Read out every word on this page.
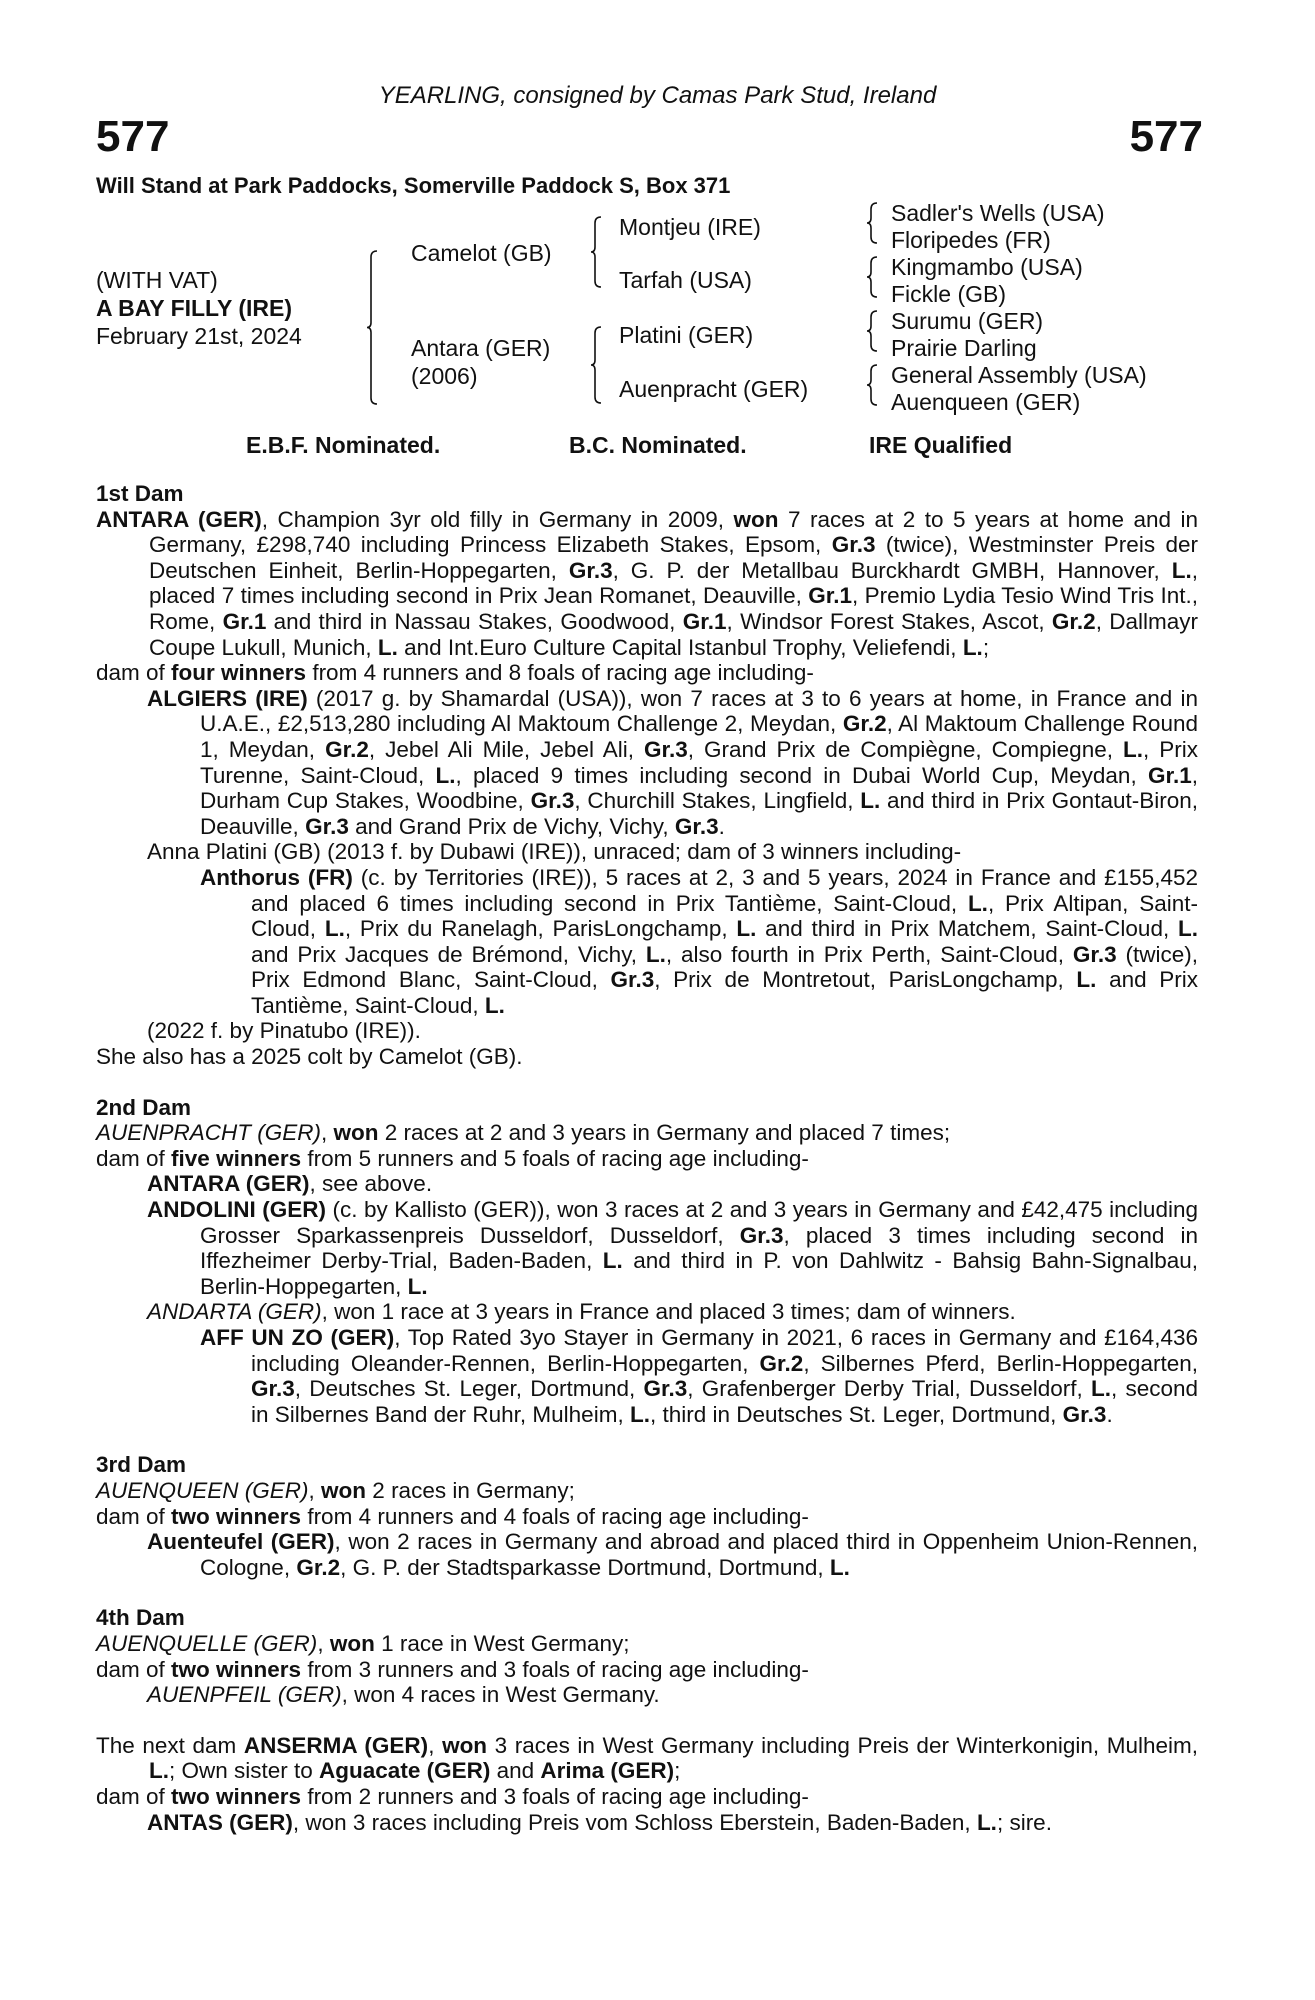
YEARLING, consigned by Camas Park Stud, Ireland
577	577
Will Stand at Park Paddocks, Somerville Paddock S, Box 371
(WITH VAT)
A BAY FILLY (IRE)
February 21st, 2024
Camelot (GB)
Antara (GER)
(2006)
Montjeu (IRE)
Tarfah (USA)
Platini (GER)
Auenpracht (GER)
Sadler's Wells (USA)
Floripedes (FR)
Kingmambo (USA)
Fickle (GB)
Surumu (GER)
Prairie Darling
General Assembly (USA)
Auenqueen (GER)
E.B.F. Nominated.	B.C. Nominated.	IRE Qualified
1st Dam
ANTARA (GER), Champion 3yr old filly in Germany in 2009, won 7 races at 2 to 5 years at home and in Germany, £298,740 including Princess Elizabeth Stakes, Epsom, Gr.3 (twice), Westminster Preis der Deutschen Einheit, Berlin-Hoppegarten, Gr.3, G. P. der Metallbau Burckhardt GMBH, Hannover, L., placed 7 times including second in Prix Jean Romanet, Deauville, Gr.1, Premio Lydia Tesio Wind Tris Int., Rome, Gr.1 and third in Nassau Stakes, Goodwood, Gr.1, Windsor Forest Stakes, Ascot, Gr.2, Dallmayr Coupe Lukull, Munich, L. and Int.Euro Culture Capital Istanbul Trophy, Veliefendi, L.;
dam of four winners from 4 runners and 8 foals of racing age including-
ALGIERS (IRE) (2017 g. by Shamardal (USA)), won 7 races at 3 to 6 years at home, in France and in U.A.E., £2,513,280 including Al Maktoum Challenge 2, Meydan, Gr.2, Al Maktoum Challenge Round 1, Meydan, Gr.2, Jebel Ali Mile, Jebel Ali, Gr.3, Grand Prix de Compiègne, Compiegne, L., Prix Turenne, Saint-Cloud, L., placed 9 times including second in Dubai World Cup, Meydan, Gr.1, Durham Cup Stakes, Woodbine, Gr.3, Churchill Stakes, Lingfield, L. and third in Prix Gontaut-Biron, Deauville, Gr.3 and Grand Prix de Vichy, Vichy, Gr.3.
Anna Platini (GB) (2013 f. by Dubawi (IRE)), unraced; dam of 3 winners including-
Anthorus (FR) (c. by Territories (IRE)), 5 races at 2, 3 and 5 years, 2024 in France and £155,452 and placed 6 times including second in Prix Tantième, Saint-Cloud, L., Prix Altipan, Saint-Cloud, L., Prix du Ranelagh, ParisLongchamp, L. and third in Prix Matchem, Saint-Cloud, L. and Prix Jacques de Brémond, Vichy, L., also fourth in Prix Perth, Saint-Cloud, Gr.3 (twice), Prix Edmond Blanc, Saint-Cloud, Gr.3, Prix de Montretout, ParisLongchamp, L. and Prix Tantième, Saint-Cloud, L.
(2022 f. by Pinatubo (IRE)).
She also has a 2025 colt by Camelot (GB).
2nd Dam
AUENPRACHT (GER), won 2 races at 2 and 3 years in Germany and placed 7 times;
dam of five winners from 5 runners and 5 foals of racing age including-
ANTARA (GER), see above.
ANDOLINI (GER) (c. by Kallisto (GER)), won 3 races at 2 and 3 years in Germany and £42,475 including Grosser Sparkassenpreis Dusseldorf, Dusseldorf, Gr.3, placed 3 times including second in Iffezheimer Derby-Trial, Baden-Baden, L. and third in P. von Dahlwitz - Bahsig Bahn-Signalbau, Berlin-Hoppegarten, L.
ANDARTA (GER), won 1 race at 3 years in France and placed 3 times; dam of winners.
AFF UN ZO (GER), Top Rated 3yo Stayer in Germany in 2021, 6 races in Germany and £164,436 including Oleander-Rennen, Berlin-Hoppegarten, Gr.2, Silbernes Pferd, Berlin-Hoppegarten, Gr.3, Deutsches St. Leger, Dortmund, Gr.3, Grafenberger Derby Trial, Dusseldorf, L., second in Silbernes Band der Ruhr, Mulheim, L., third in Deutsches St. Leger, Dortmund, Gr.3.
3rd Dam
AUENQUEEN (GER), won 2 races in Germany;
dam of two winners from 4 runners and 4 foals of racing age including-
Auenteufel (GER), won 2 races in Germany and abroad and placed third in Oppenheim Union-Rennen, Cologne, Gr.2, G. P. der Stadtsparkasse Dortmund, Dortmund, L.
4th Dam
AUENQUELLE (GER), won 1 race in West Germany;
dam of two winners from 3 runners and 3 foals of racing age including-
AUENPFEIL (GER), won 4 races in West Germany.
The next dam ANSERMA (GER), won 3 races in West Germany including Preis der Winterkonigin, Mulheim, L.; Own sister to Aguacate (GER) and Arima (GER);
dam of two winners from 2 runners and 3 foals of racing age including-
ANTAS (GER), won 3 races including Preis vom Schloss Eberstein, Baden-Baden, L.; sire.
